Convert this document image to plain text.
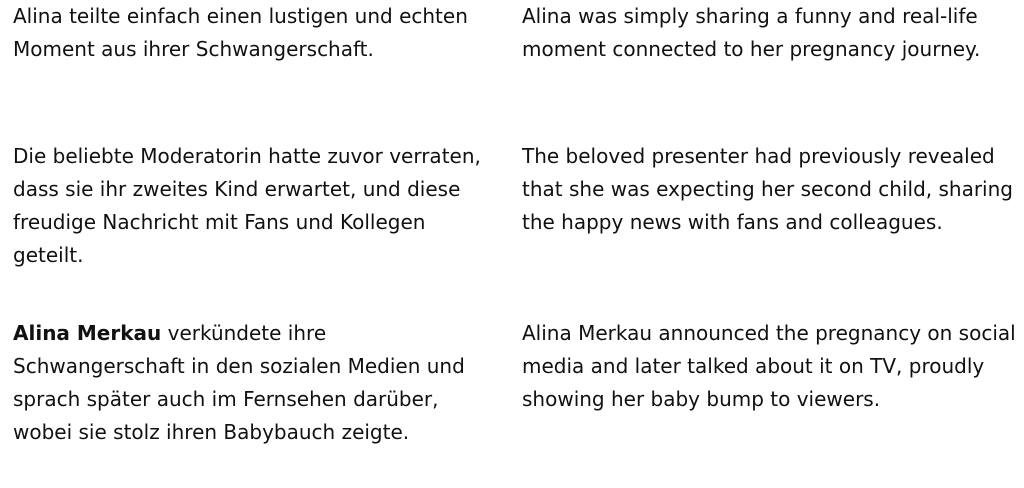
Alina teilte einfach einen lustigen und echten Moment aus ihrer Schwangerschaft.

Alina was simply sharing a funny and real-life moment connected to her pregnancy journey.

Die beliebte Moderatorin hatte zuvor verraten, dass sie ihr zweites Kind erwartet, und diese freudige Nachricht mit Fans und Kollegen geteilt.

The beloved presenter had previously revealed that she was expecting her second child, sharing the happy news with fans and colleagues.

Alina Merkau verkündete ihre Schwangerschaft in den sozialen Medien und sprach später auch im Fernsehen darüber, wobei sie stolz ihren Babybauch zeigte.

Alina Merkau announced the pregnancy on social media and later talked about it on TV, proudly showing her baby bump to viewers.
